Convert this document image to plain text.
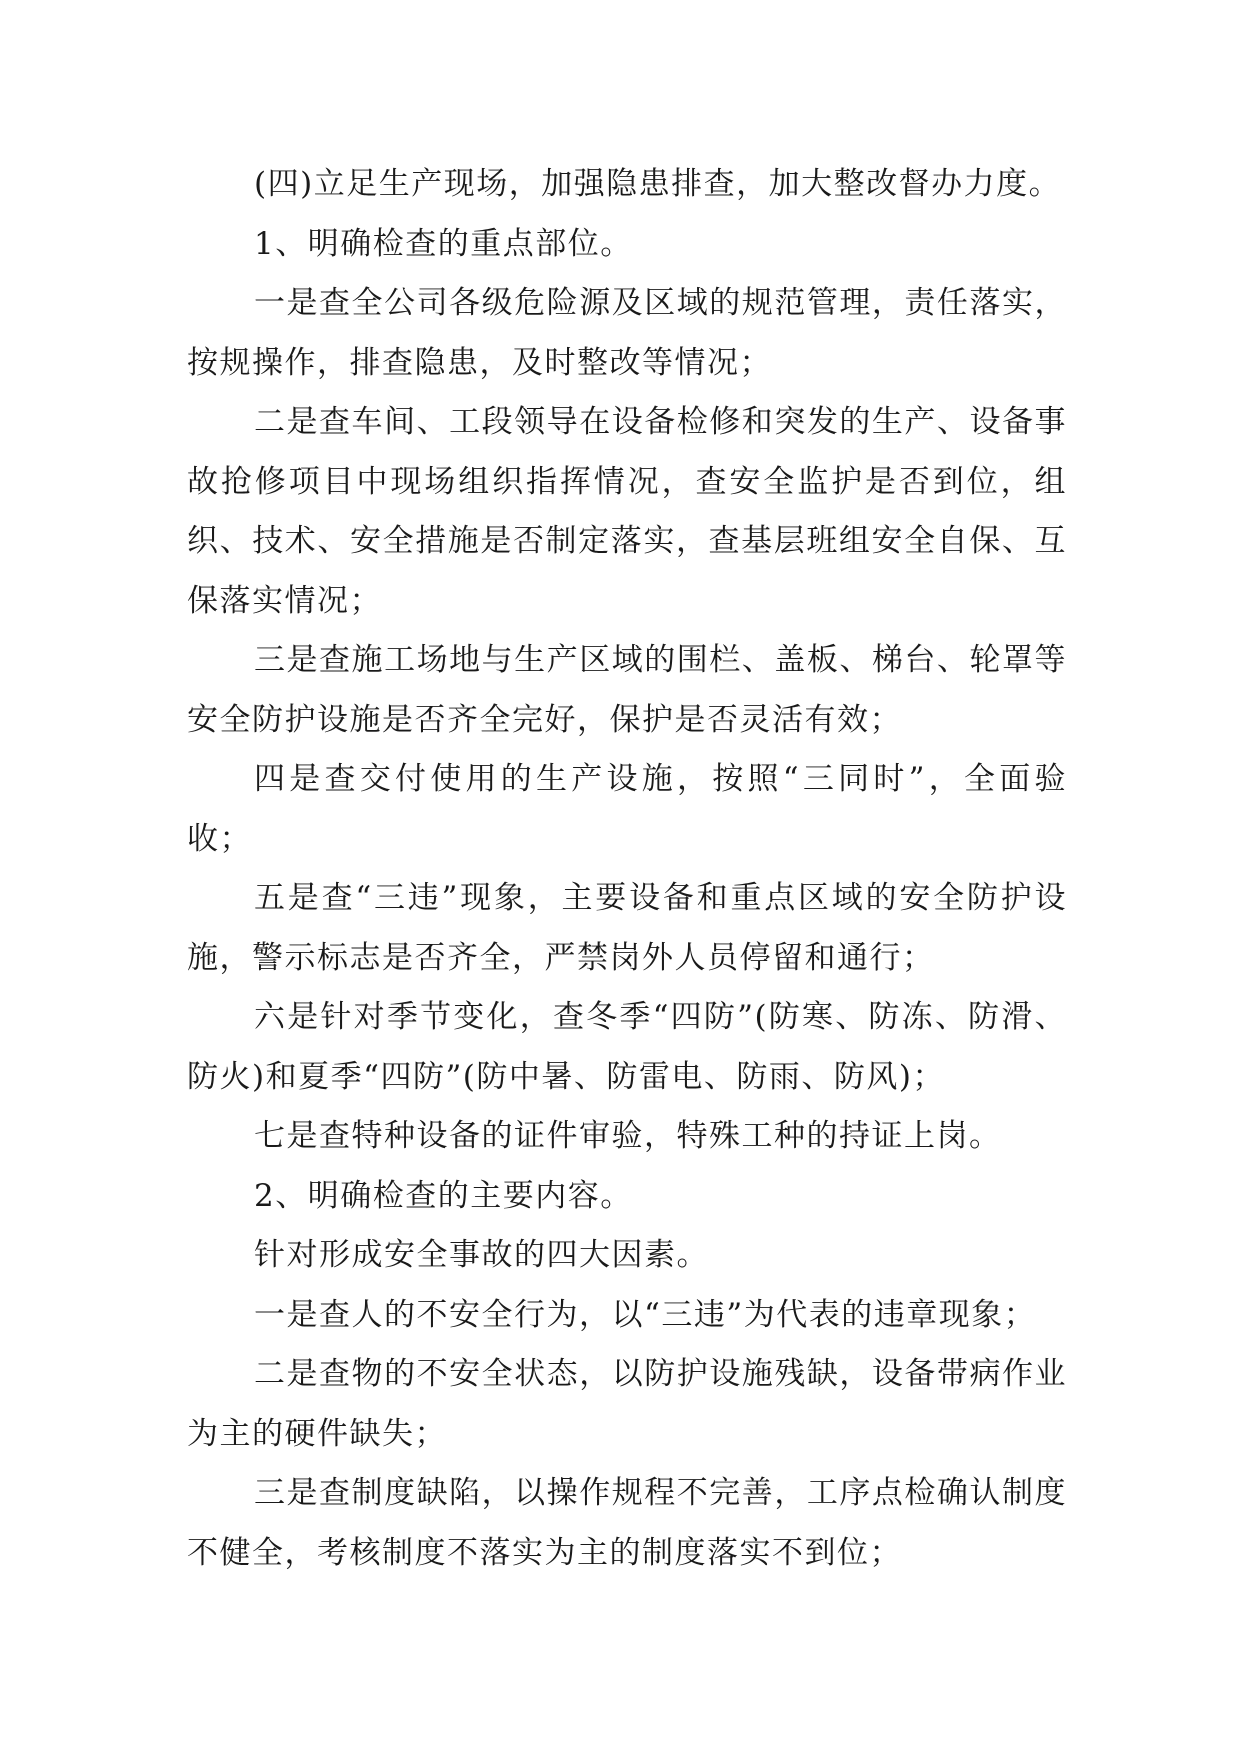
(四)立足生产现场，加强隐患排查，加大整改督办力度。

1、明确检查的重点部位。

一是查全公司各级危险源及区域的规范管理，责任落实，按规操作，排查隐患，及时整改等情况；

二是查车间、工段领导在设备检修和突发的生产、设备事故抢修项目中现场组织指挥情况，查安全监护是否到位，组织、技术、安全措施是否制定落实，查基层班组安全自保、互保落实情况；

三是查施工场地与生产区域的围栏、盖板、梯台、轮罩等安全防护设施是否齐全完好，保护是否灵活有效；

四是查交付使用的生产设施，按照“三同时”，全面验收；

五是查“三违”现象，主要设备和重点区域的安全防护设施，警示标志是否齐全，严禁岗外人员停留和通行；

六是针对季节变化，查冬季“四防”(防寒、防冻、防滑、防火)和夏季“四防”(防中暑、防雷电、防雨、防风)；

七是查特种设备的证件审验，特殊工种的持证上岗。

2、明确检查的主要内容。

针对形成安全事故的四大因素。

一是查人的不安全行为，以“三违”为代表的违章现象；

二是查物的不安全状态，以防护设施残缺，设备带病作业为主的硬件缺失；

三是查制度缺陷，以操作规程不完善，工序点检确认制度不健全，考核制度不落实为主的制度落实不到位；
